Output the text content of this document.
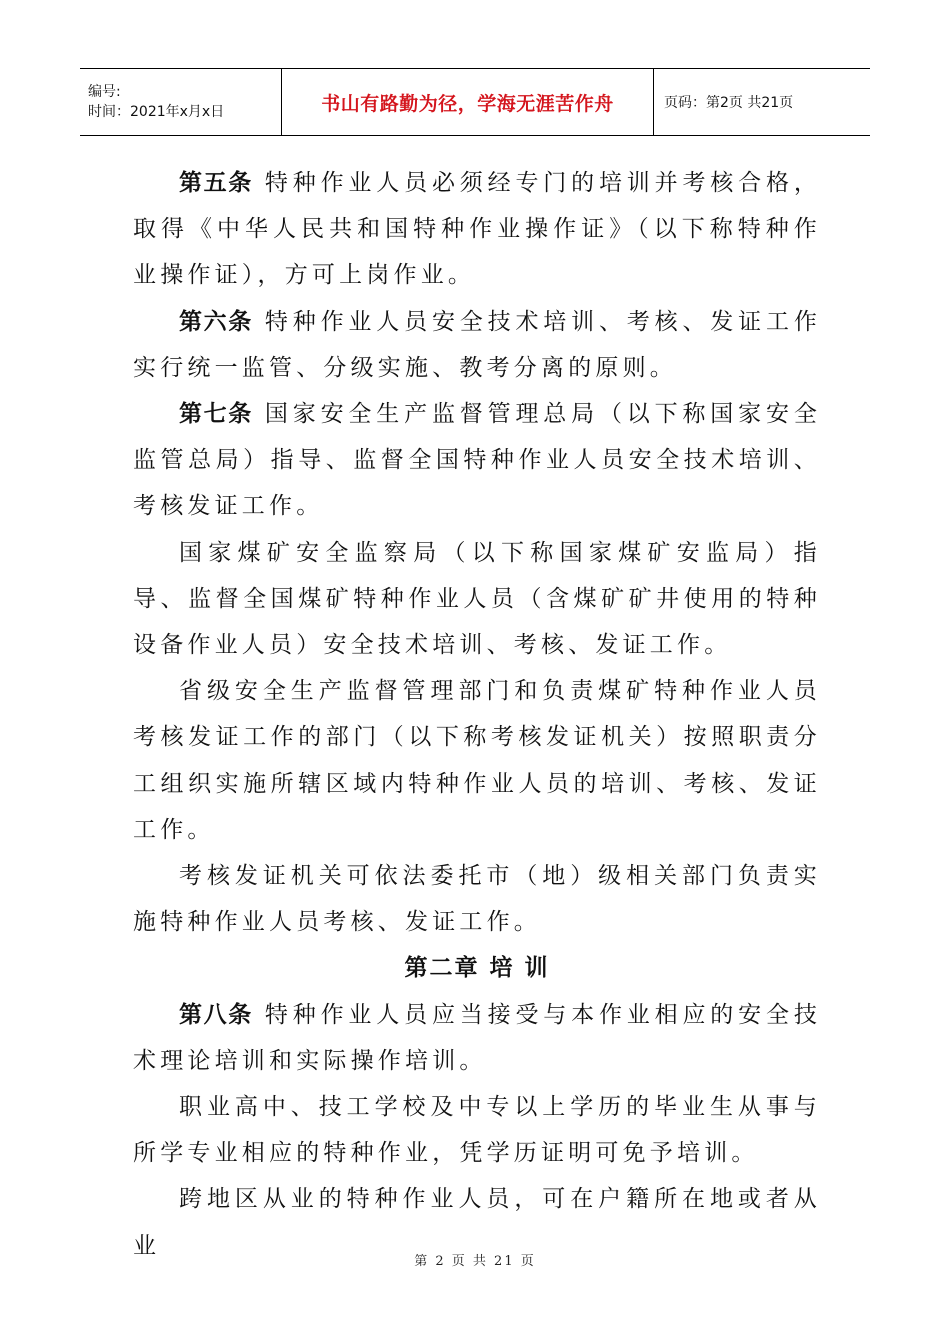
编号:
时间：2021年x月x日	书山有路勤为径，学海无涯苦作舟	页码：第2页 共21页

第五条 特种作业人员必须经专门的培训并考核合格，取得《中华人民共和国特种作业操作证》（以下称特种作业操作证），方可上岗作业。

第六条 特种作业人员安全技术培训、考核、发证工作实行统一监管、分级实施、教考分离的原则。

第七条 国家安全生产监督管理总局（以下称国家安全监管总局）指导、监督全国特种作业人员安全技术培训、考核发证工作。

国家煤矿安全监察局（以下称国家煤矿安监局）指导、监督全国煤矿特种作业人员（含煤矿矿井使用的特种设备作业人员）安全技术培训、考核、发证工作。

省级安全生产监督管理部门和负责煤矿特种作业人员考核发证工作的部门（以下称考核发证机关）按照职责分工组织实施所辖区域内特种作业人员的培训、考核、发证工作。

考核发证机关可依法委托市（地）级相关部门负责实施特种作业人员考核、发证工作。

第二章 培 训

第八条 特种作业人员应当接受与本作业相应的安全技术理论培训和实际操作培训。

职业高中、技工学校及中专以上学历的毕业生从事与所学专业相应的特种作业，凭学历证明可免予培训。

跨地区从业的特种作业人员，可在户籍所在地或者从业

第 2 页 共 21 页
